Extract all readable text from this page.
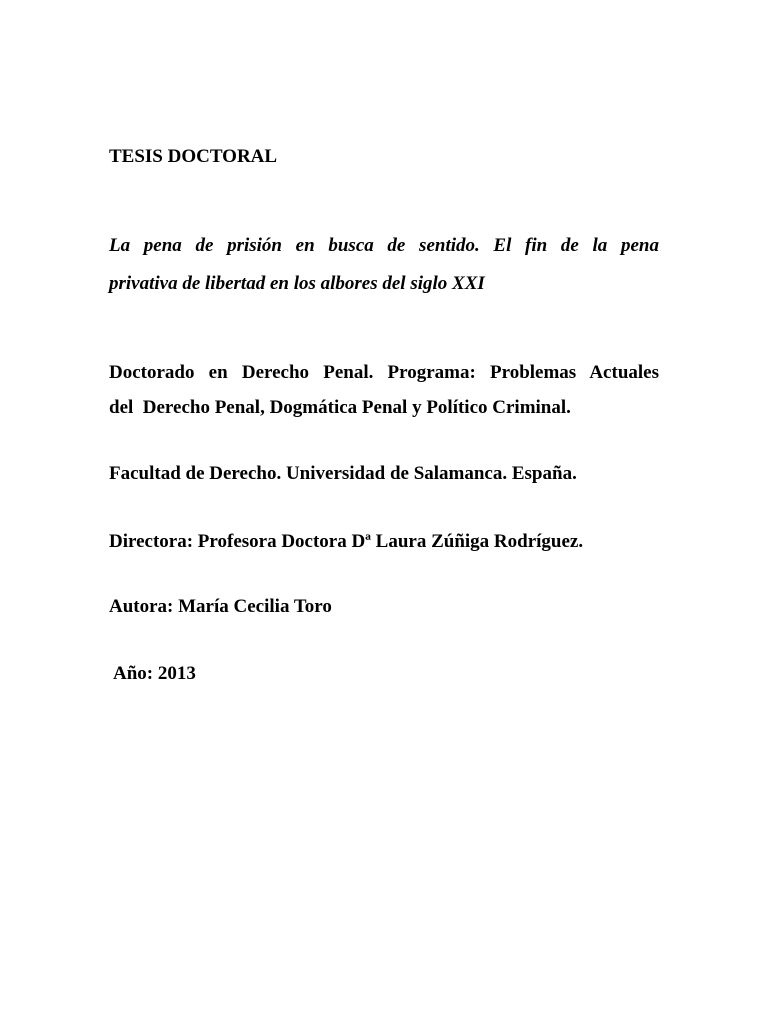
TESIS DOCTORAL

La pena de prisión en busca de sentido. El fin de la pena
privativa de libertad en los albores del siglo XXI

Doctorado en Derecho Penal. Programa: Problemas Actuales
del  Derecho Penal, Dogmática Penal y Político Criminal.

Facultad de Derecho. Universidad de Salamanca. España.

Directora: Profesora Doctora Dª Laura Zúñiga Rodríguez.

Autora: María Cecilia Toro

Año: 2013
